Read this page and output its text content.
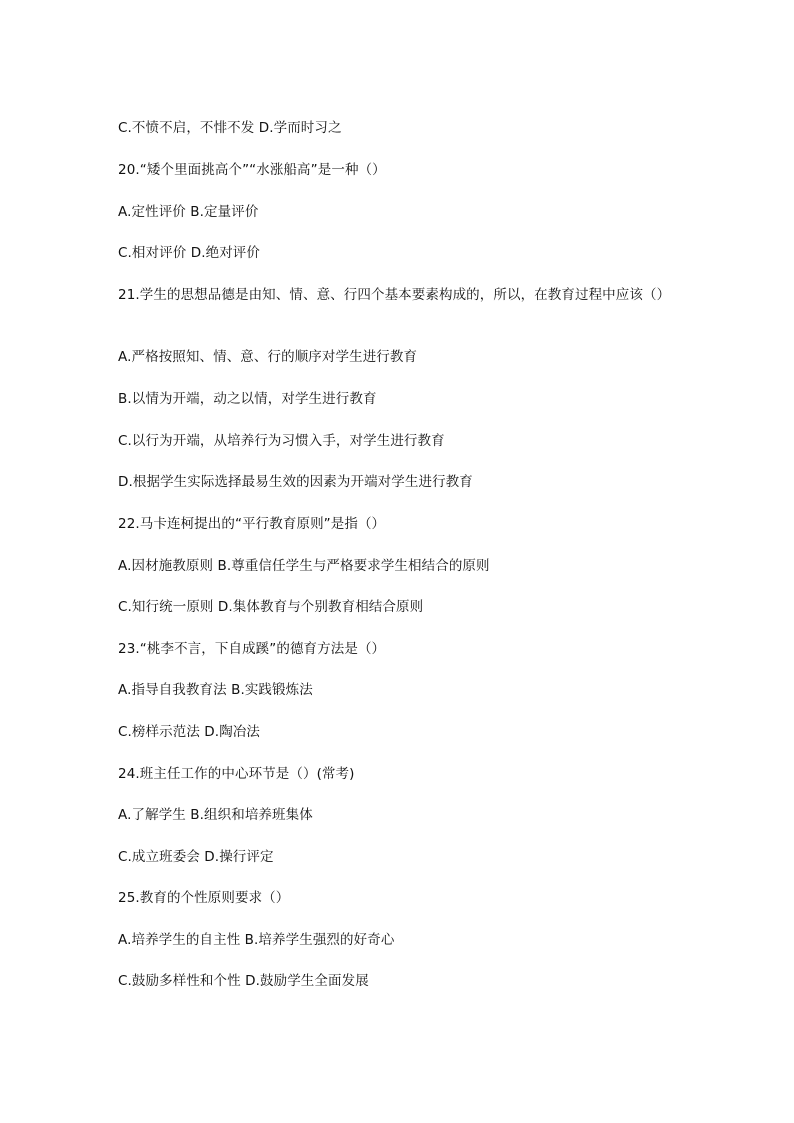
C.不愤不启，不悱不发 D.学而时习之
20.“矮个里面挑高个”“水涨船高”是一种（）
A.定性评价 B.定量评价
C.相对评价 D.绝对评价
21.学生的思想品德是由知、情、意、行四个基本要素构成的，所以，在教育过程中应该（）
A.严格按照知、情、意、行的顺序对学生进行教育
B.以情为开端，动之以情，对学生进行教育
C.以行为开端，从培养行为习惯入手，对学生进行教育
D.根据学生实际选择最易生效的因素为开端对学生进行教育
22.马卡连柯提出的“平行教育原则”是指（）
A.因材施教原则 B.尊重信任学生与严格要求学生相结合的原则
C.知行统一原则 D.集体教育与个别教育相结合原则
23.“桃李不言，下自成蹊”的德育方法是（）
A.指导自我教育法 B.实践锻炼法
C.榜样示范法 D.陶冶法
24.班主任工作的中心环节是（）(常考)
A.了解学生 B.组织和培养班集体
C.成立班委会 D.操行评定
25.教育的个性原则要求（）
A.培养学生的自主性 B.培养学生强烈的好奇心
C.鼓励多样性和个性 D.鼓励学生全面发展
